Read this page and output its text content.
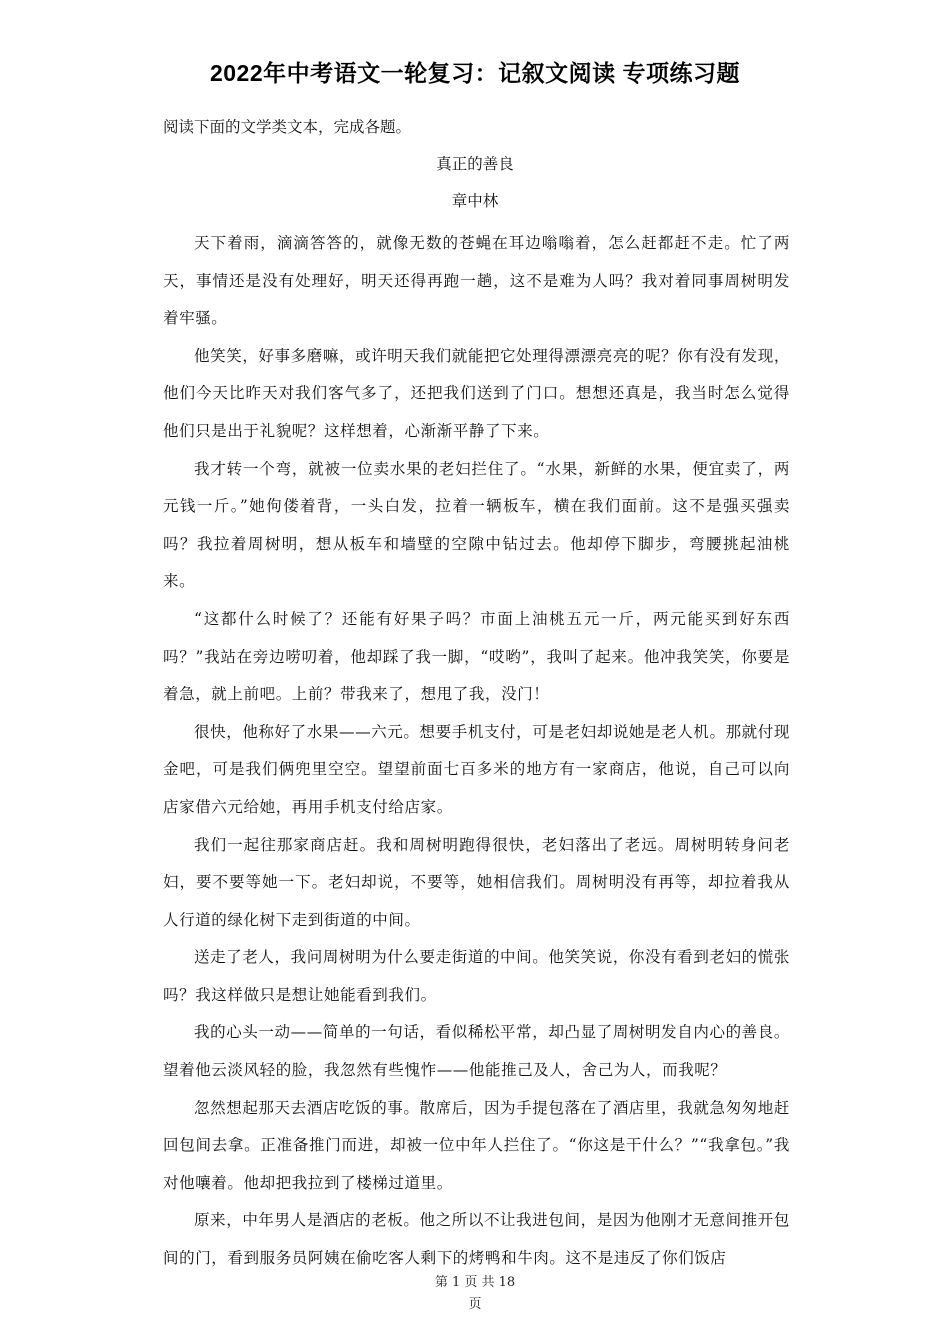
2022年中考语文一轮复习：记叙文阅读 专项练习题
阅读下面的文学类文本，完成各题。
真正的善良
章中林

天下着雨，滴滴答答的，就像无数的苍蝇在耳边嗡嗡着，怎么赶都赶不走。忙了两天，事情还是没有处理好，明天还得再跑一趟，这不是难为人吗？我对着同事周树明发着牢骚。

他笑笑，好事多磨嘛，或许明天我们就能把它处理得漂漂亮亮的呢？你有没有发现，他们今天比昨天对我们客气多了，还把我们送到了门口。想想还真是，我当时怎么觉得他们只是出于礼貌呢？这样想着，心渐渐平静了下来。

我才转一个弯，就被一位卖水果的老妇拦住了。“水果，新鲜的水果，便宜卖了，两元钱一斤。”她佝偻着背，一头白发，拉着一辆板车，横在我们面前。这不是强买强卖吗？我拉着周树明，想从板车和墙壁的空隙中钻过去。他却停下脚步，弯腰挑起油桃来。

“这都什么时候了？还能有好果子吗？市面上油桃五元一斤，两元能买到好东西吗？”我站在旁边唠叨着，他却踩了我一脚，“哎哟”，我叫了起来。他冲我笑笑，你要是着急，就上前吧。上前？带我来了，想甩了我，没门！

很快，他称好了水果——六元。想要手机支付，可是老妇却说她是老人机。那就付现金吧，可是我们俩兜里空空。望望前面七百多米的地方有一家商店，他说，自己可以向店家借六元给她，再用手机支付给店家。

我们一起往那家商店赶。我和周树明跑得很快，老妇落出了老远。周树明转身问老妇，要不要等她一下。老妇却说，不要等，她相信我们。周树明没有再等，却拉着我从人行道的绿化树下走到街道的中间。

送走了老人，我问周树明为什么要走街道的中间。他笑笑说，你没有看到老妇的慌张吗？我这样做只是想让她能看到我们。

我的心头一动——简单的一句话，看似稀松平常，却凸显了周树明发自内心的善良。望着他云淡风轻的脸，我忽然有些愧怍——他能推己及人，舍己为人，而我呢？

忽然想起那天去酒店吃饭的事。散席后，因为手提包落在了酒店里，我就急匆匆地赶回包间去拿。正准备推门而进，却被一位中年人拦住了。“你这是干什么？”“我拿包。”我对他嚷着。他却把我拉到了楼梯过道里。

原来，中年男人是酒店的老板。他之所以不让我进包间，是因为他刚才无意间推开包间的门，看到服务员阿姨在偷吃客人剩下的烤鸭和牛肉。这不是违反了你们饭店

第 1 页 共 18
页
